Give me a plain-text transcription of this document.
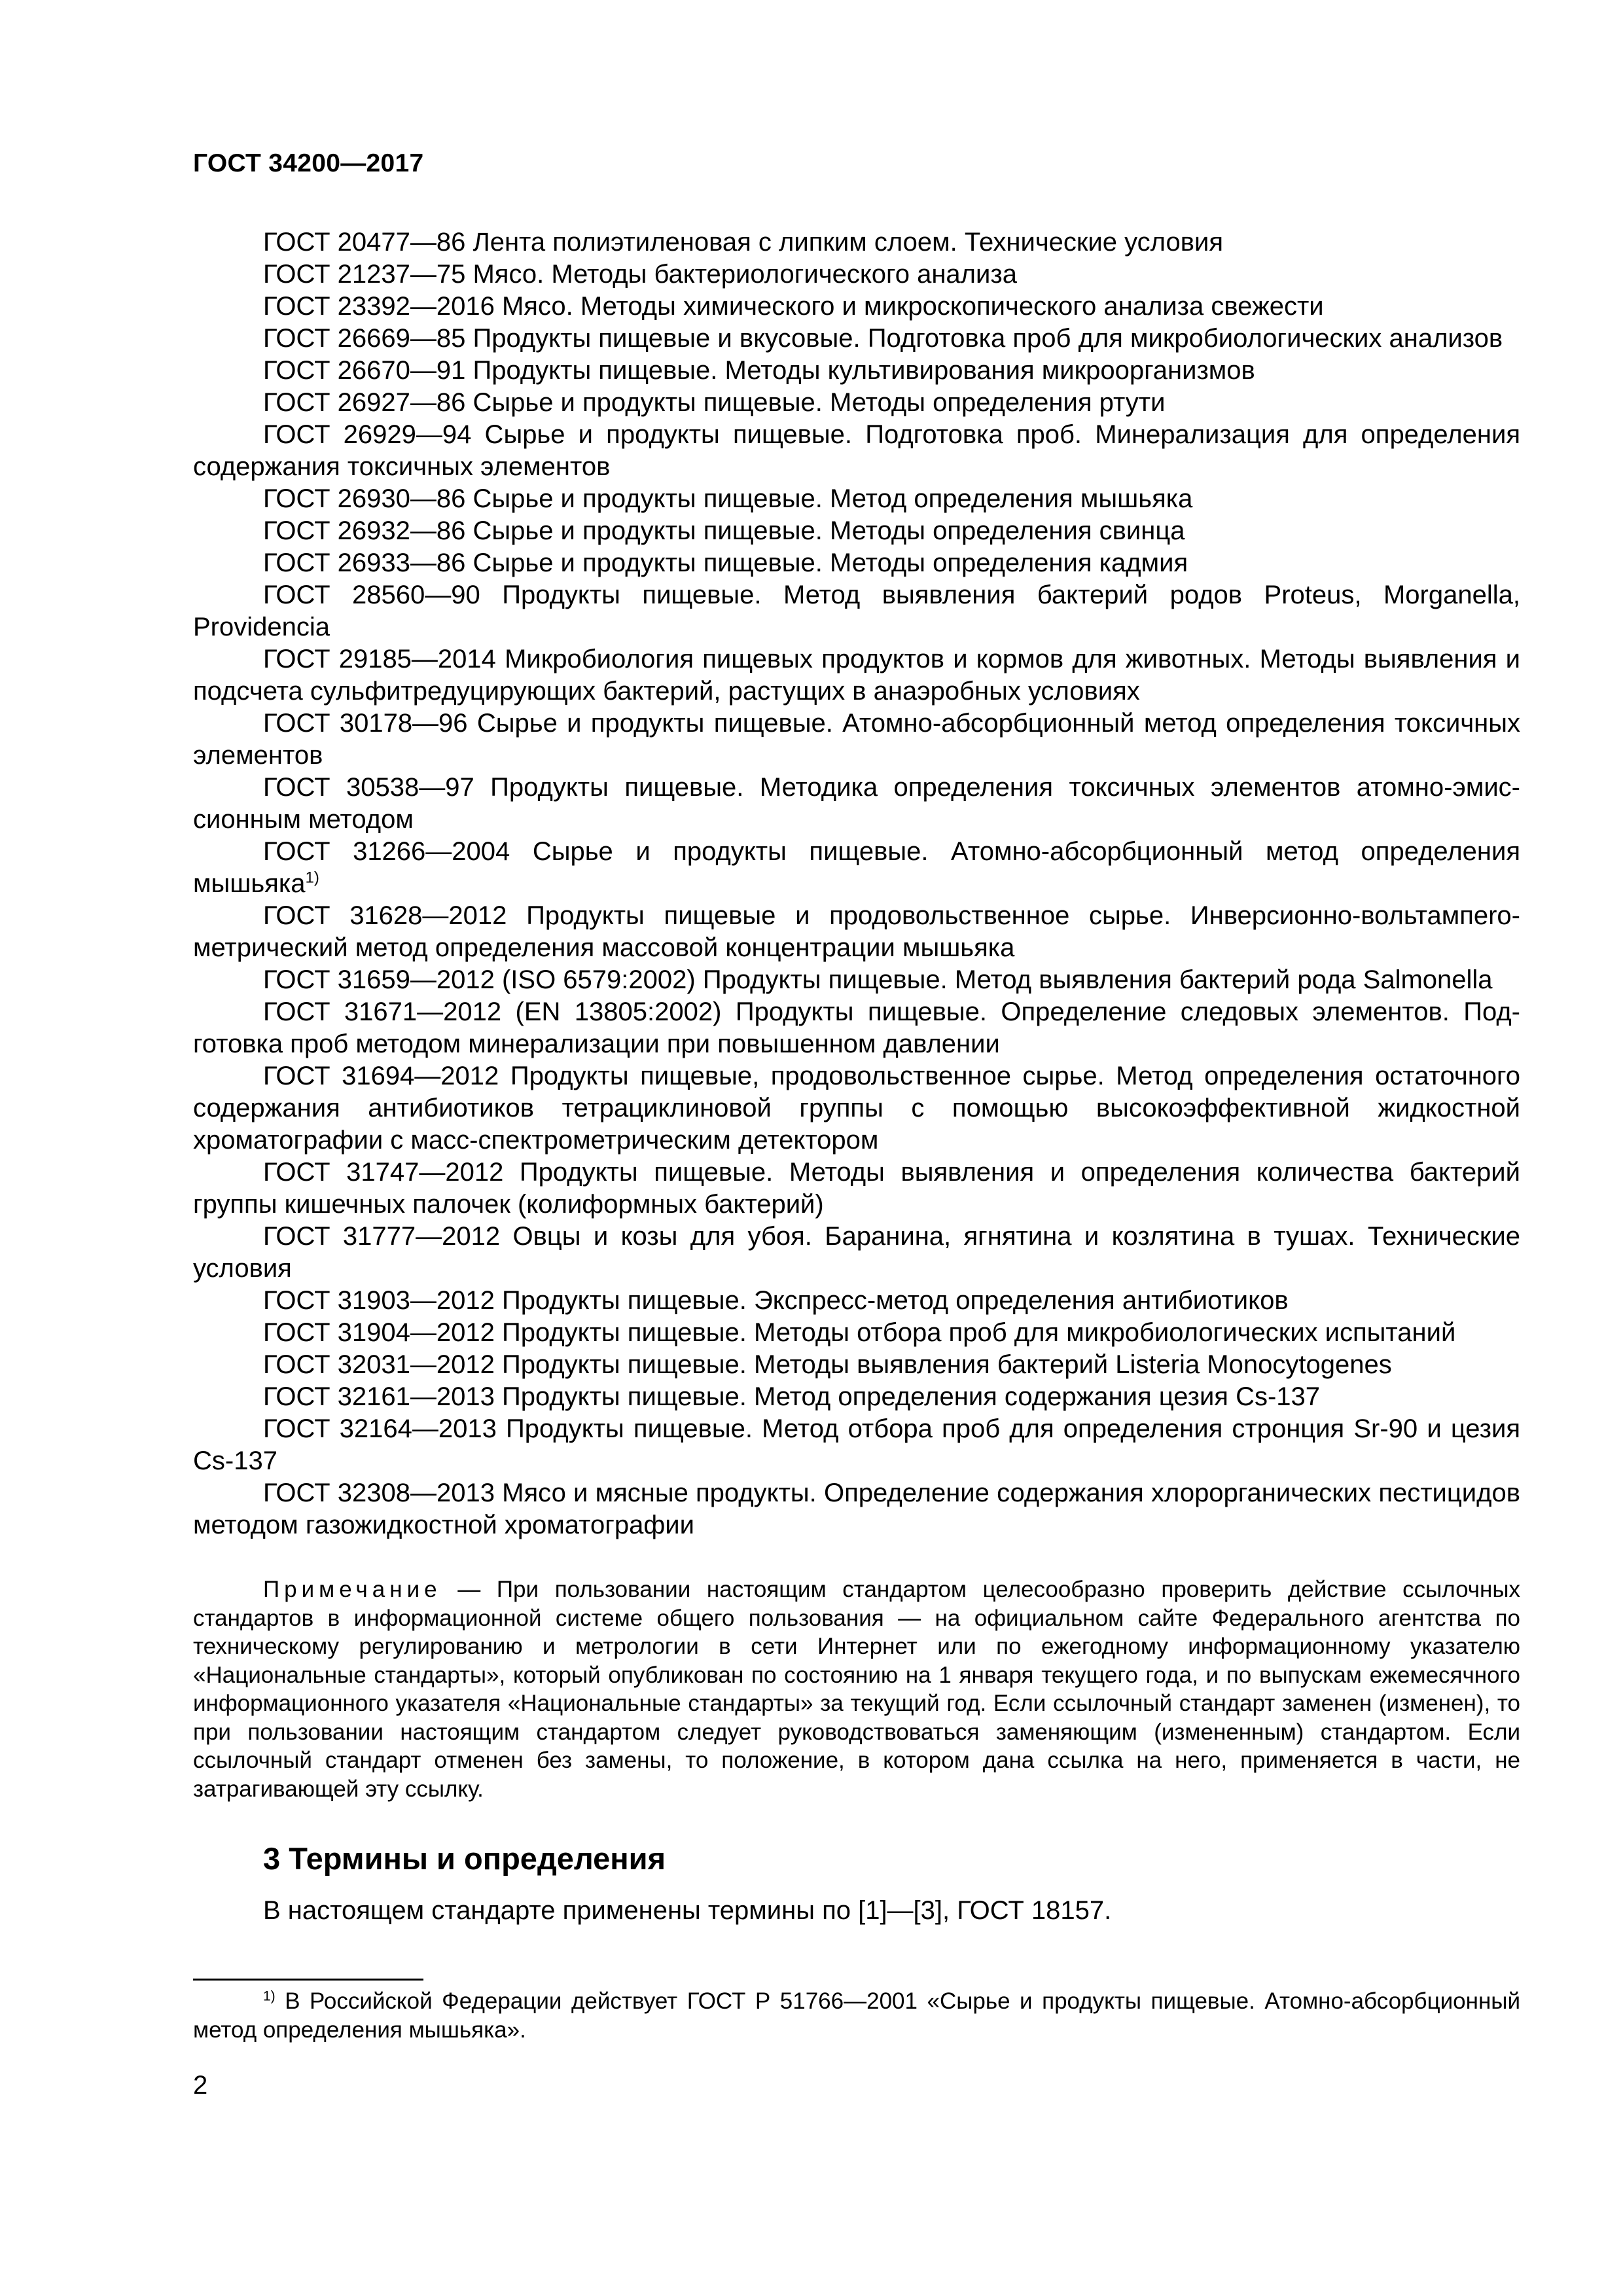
ГОСТ 34200—2017

ГОСТ 20477—86 Лента полиэтиленовая с липким слоем. Технические условия

ГОСТ 21237—75 Мясо. Методы бактериологического анализа

ГОСТ 23392—2016 Мясо. Методы химического и микроскопического анализа свежести

ГОСТ 26669—85 Продукты пищевые и вкусовые. Подготовка проб для микробиологических анализов

ГОСТ 26670—91 Продукты пищевые. Методы культивирования микроорганизмов

ГОСТ 26927—86 Сырье и продукты пищевые. Методы определения ртути

ГОСТ 26929—94 Сырье и продукты пищевые. Подготовка проб. Минерализация для определения содержания токсичных элементов

ГОСТ 26930—86 Сырье и продукты пищевые. Метод определения мышьяка

ГОСТ 26932—86 Сырье и продукты пищевые. Методы определения свинца

ГОСТ 26933—86 Сырье и продукты пищевые. Методы определения кадмия

ГОСТ 28560—90 Продукты пищевые. Метод выявления бактерий родов Proteus, Morganella, Providencia

ГОСТ 29185—2014 Микробиология пищевых продуктов и кормов для животных. Методы выявления и подсчета сульфитредуцирующих бактерий, растущих в анаэробных условиях

ГОСТ 30178—96 Сырье и продукты пищевые. Атомно-абсорбционный метод определения токсичных элементов

ГОСТ 30538—97 Продукты пищевые. Методика определения токсичных элементов атомно-эмиссионным методом

ГОСТ 31266—2004 Сырье и продукты пищевые. Атомно-абсорбционный метод определения мышьяка$^{1)}$

ГОСТ 31628—2012 Продукты пищевые и продовольственное сырье. Инверсионно-вольтампeroметрический метод определения массовой концентрации мышьяка

ГОСТ 31659—2012 (ISO 6579:2002) Продукты пищевые. Метод выявления бактерий рода Salmonella

ГОСТ 31671—2012 (EN 13805:2002) Продукты пищевые. Определение следовых элементов. Подготовка проб методом минерализации при повышенном давлении

ГОСТ 31694—2012 Продукты пищевые, продовольственное сырье. Метод определения остаточного содержания антибиотиков тетрациклиновой группы с помощью высокоэффективной жидкостной хроматографии с масс-спектрометрическим детектором

ГОСТ 31747—2012 Продукты пищевые. Методы выявления и определения количества бактерий группы кишечных палочек (колиформных бактерий)

ГОСТ 31777—2012 Овцы и козы для убоя. Баранина, ягнятина и козлятина в тушах. Технические условия

ГОСТ 31903—2012 Продукты пищевые. Экспресс-метод определения антибиотиков

ГОСТ 31904—2012 Продукты пищевые. Методы отбора проб для микробиологических испытаний

ГОСТ 32031—2012 Продукты пищевые. Методы выявления бактерий Listeria Monocytogenes

ГОСТ 32161—2013 Продукты пищевые. Метод определения содержания цезия Cs-137

ГОСТ 32164—2013 Продукты пищевые. Метод отбора проб для определения стронция Sr-90 и цезия Cs-137

ГОСТ 32308—2013 Мясо и мясные продукты. Определение содержания хлорорганических пестицидов методом газожидкостной хроматографии

Примечание — При пользовании настоящим стандартом целесообразно проверить действие ссылочных стандартов в информационной системе общего пользования — на официальном сайте Федерального агентства по техническому регулированию и метрологии в сети Интернет или по ежегодному информационному указателю «Национальные стандарты», который опубликован по состоянию на 1 января текущего года, и по выпускам ежемесячного информационного указателя «Национальные стандарты» за текущий год. Если ссылочный стандарт заменен (изменен), то при пользовании настоящим стандартом следует руководствоваться заменяющим (измененным) стандартом. Если ссылочный стандарт отменен без замены, то положение, в котором дана ссылка на него, применяется в части, не затрагивающей эту ссылку.

3 Термины и определения

В настоящем стандарте применены термины по [1]—[3], ГОСТ 18157.

$^{1)}$ В Российской Федерации действует ГОСТ Р 51766—2001 «Сырье и продукты пищевые. Атомно-абсорбционный метод определения мышьяка».

2
